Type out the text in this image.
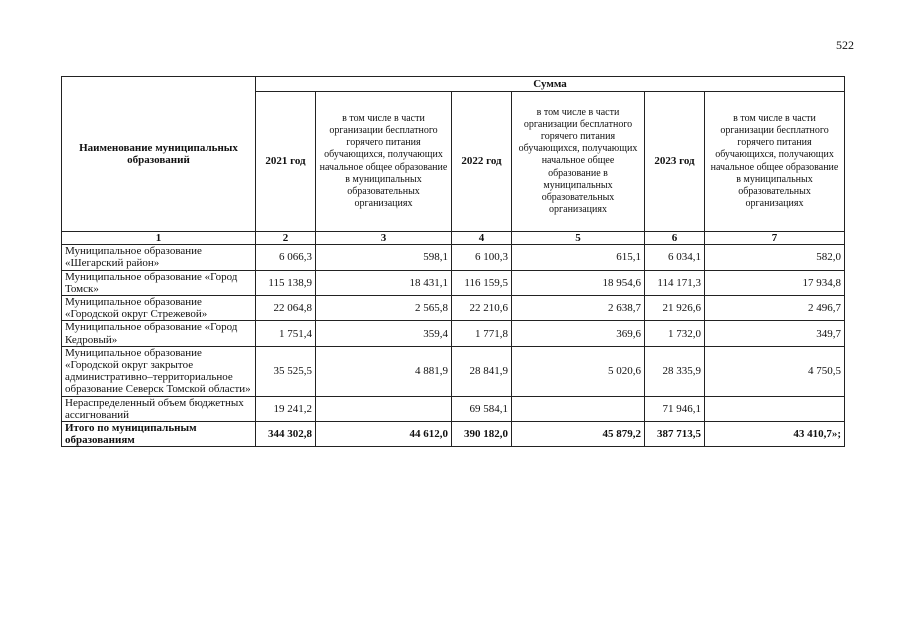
522
Наименование муниципальных образований	Сумма					
	2021 год	в том числе в части организации бесплатного горячего питания обучающихся, получающих начальное общее образование в муниципальных образовательных организациях	2022 год	в том числе в части организации бесплатного горячего питания обучающихся, получающих начальное общее образование в муниципальных образовательных организациях	2023 год	в том числе в части организации бесплатного горячего питания обучающихся, получающих начальное общее образование в муниципальных образовательных организациях
1	2	3	4	5	6	7
Муниципальное образование «Шегарский район»	6 066,3	598,1	6 100,3	615,1	6 034,1	582,0
Муниципальное образование «Город Томск»	115 138,9	18 431,1	116 159,5	18 954,6	114 171,3	17 934,8
Муниципальное образование «Городской округ Стрежевой»	22 064,8	2 565,8	22 210,6	2 638,7	21 926,6	2 496,7
Муниципальное образование «Город Кедровый»	1 751,4	359,4	1 771,8	369,6	1 732,0	349,7
Муниципальное образование «Городской округ закрытое административно–территориальное образование Северск Томской области»	35 525,5	4 881,9	28 841,9	5 020,6	28 335,9	4 750,5
Нераспределенный объем бюджетных ассигнований	19 241,2		69 584,1		71 946,1	
Итого по муниципальным образованиям	344 302,8	44 612,0	390 182,0	45 879,2	387 713,5	43 410,7»;
